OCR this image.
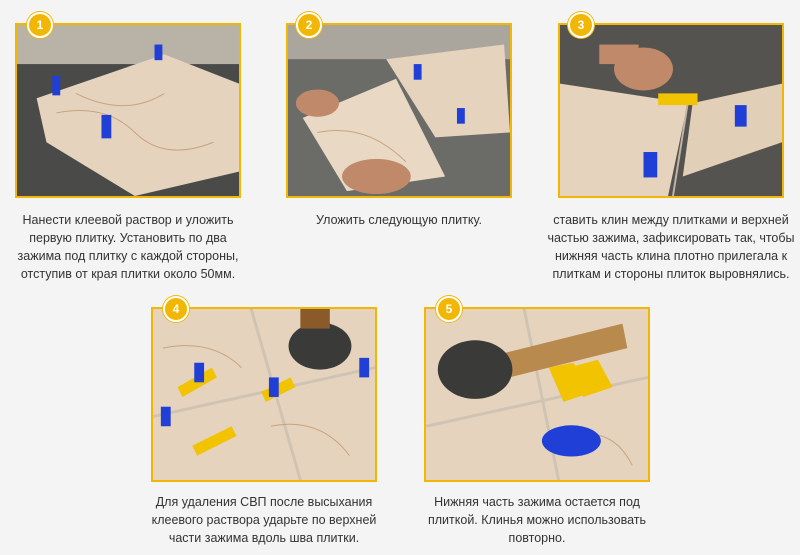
1
Нанести клеевой раствор и уложить первую плитку. Установить по два зажима под плитку с каждой стороны, отступив от края плитки около 50мм.
2
Уложить следующую плитку.
3
ставить клин между плитками и верхней частью зажима, зафиксировать так, чтобы нижняя часть клина плотно прилегала к плиткам и стороны плиток выровнялись.
4
Для удаления СВП после высыхания клеевого раствора ударьте по верхней части зажима вдоль шва плитки.
5
Нижняя часть зажима остается под плиткой. Клинья можно использовать повторно.
